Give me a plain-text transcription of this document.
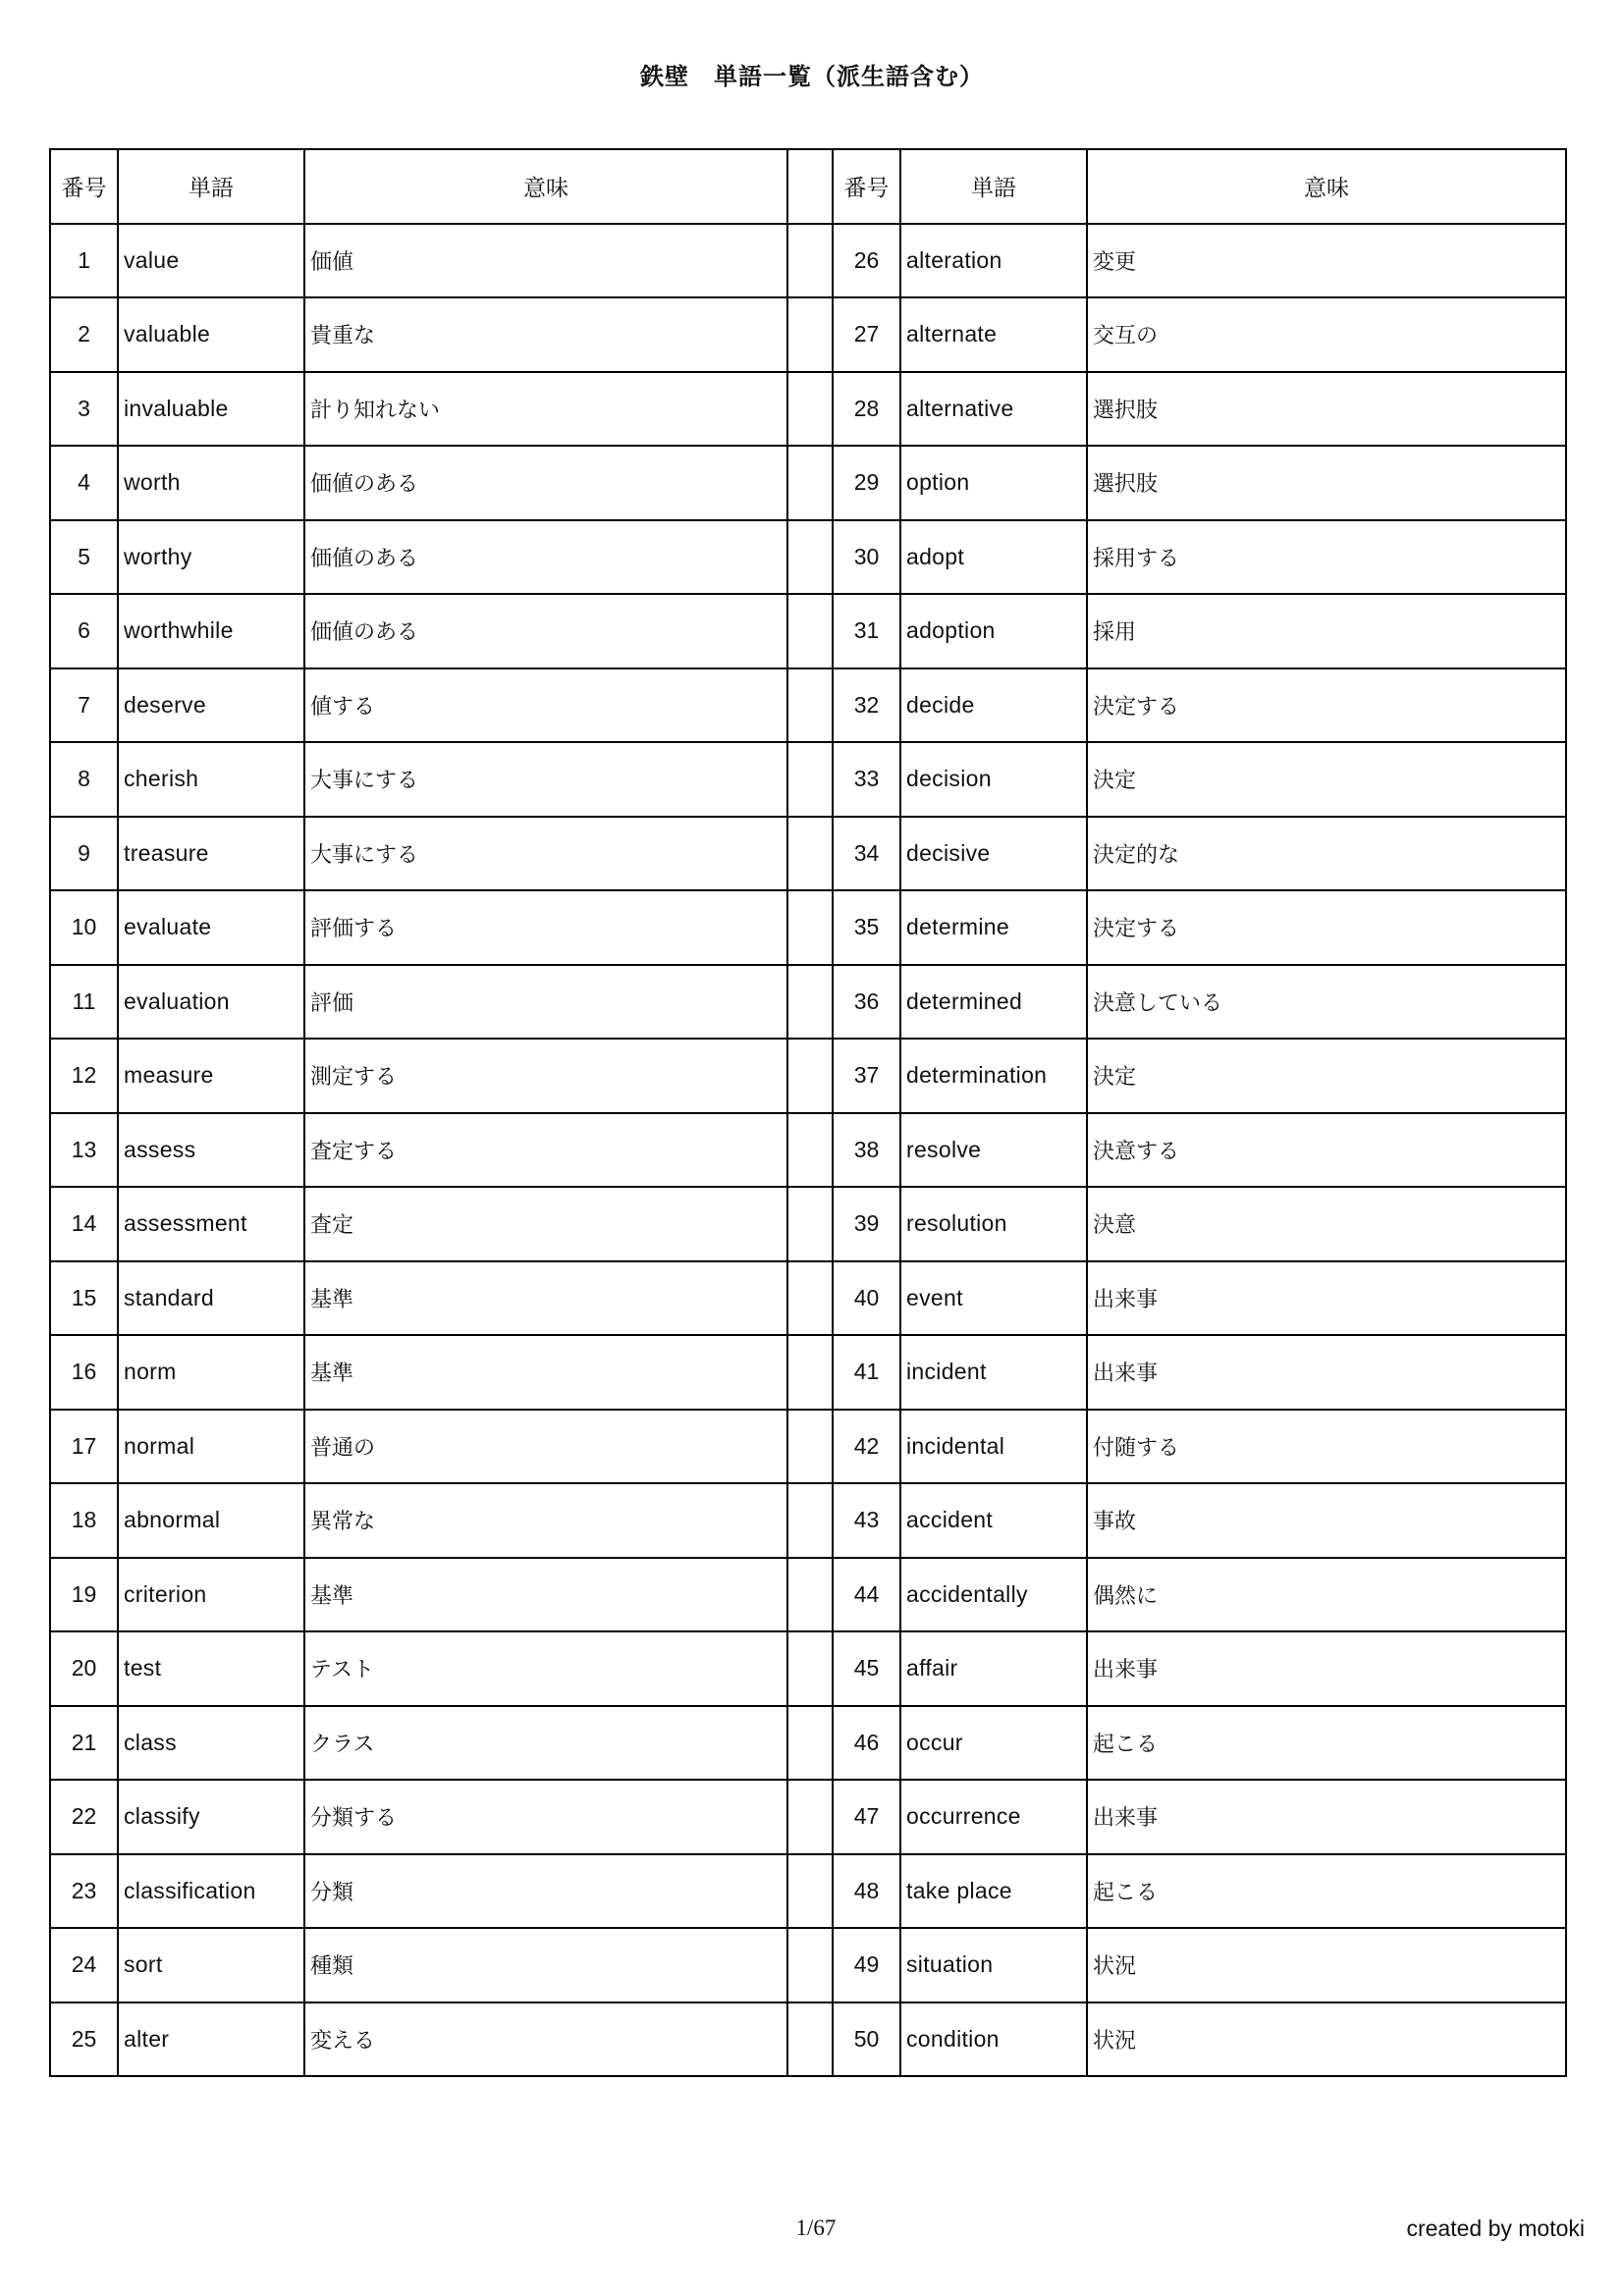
鉄壁　単語一覧（派生語含む）
番号	単語	意味		番号	単語	意味
1	value	価値		26	alteration	変更
2	valuable	貴重な		27	alternate	交互の
3	invaluable	計り知れない		28	alternative	選択肢
4	worth	価値のある		29	option	選択肢
5	worthy	価値のある		30	adopt	採用する
6	worthwhile	価値のある		31	adoption	採用
7	deserve	値する		32	decide	決定する
8	cherish	大事にする		33	decision	決定
9	treasure	大事にする		34	decisive	決定的な
10	evaluate	評価する		35	determine	決定する
11	evaluation	評価		36	determined	決意している
12	measure	測定する		37	determination	決定
13	assess	査定する		38	resolve	決意する
14	assessment	査定		39	resolution	決意
15	standard	基準		40	event	出来事
16	norm	基準		41	incident	出来事
17	normal	普通の		42	incidental	付随する
18	abnormal	異常な		43	accident	事故
19	criterion	基準		44	accidentally	偶然に
20	test	テスト		45	affair	出来事
21	class	クラス		46	occur	起こる
22	classify	分類する		47	occurrence	出来事
23	classification	分類		48	take place	起こる
24	sort	種類		49	situation	状況
25	alter	変える		50	condition	状況
1/67	created by motoki
